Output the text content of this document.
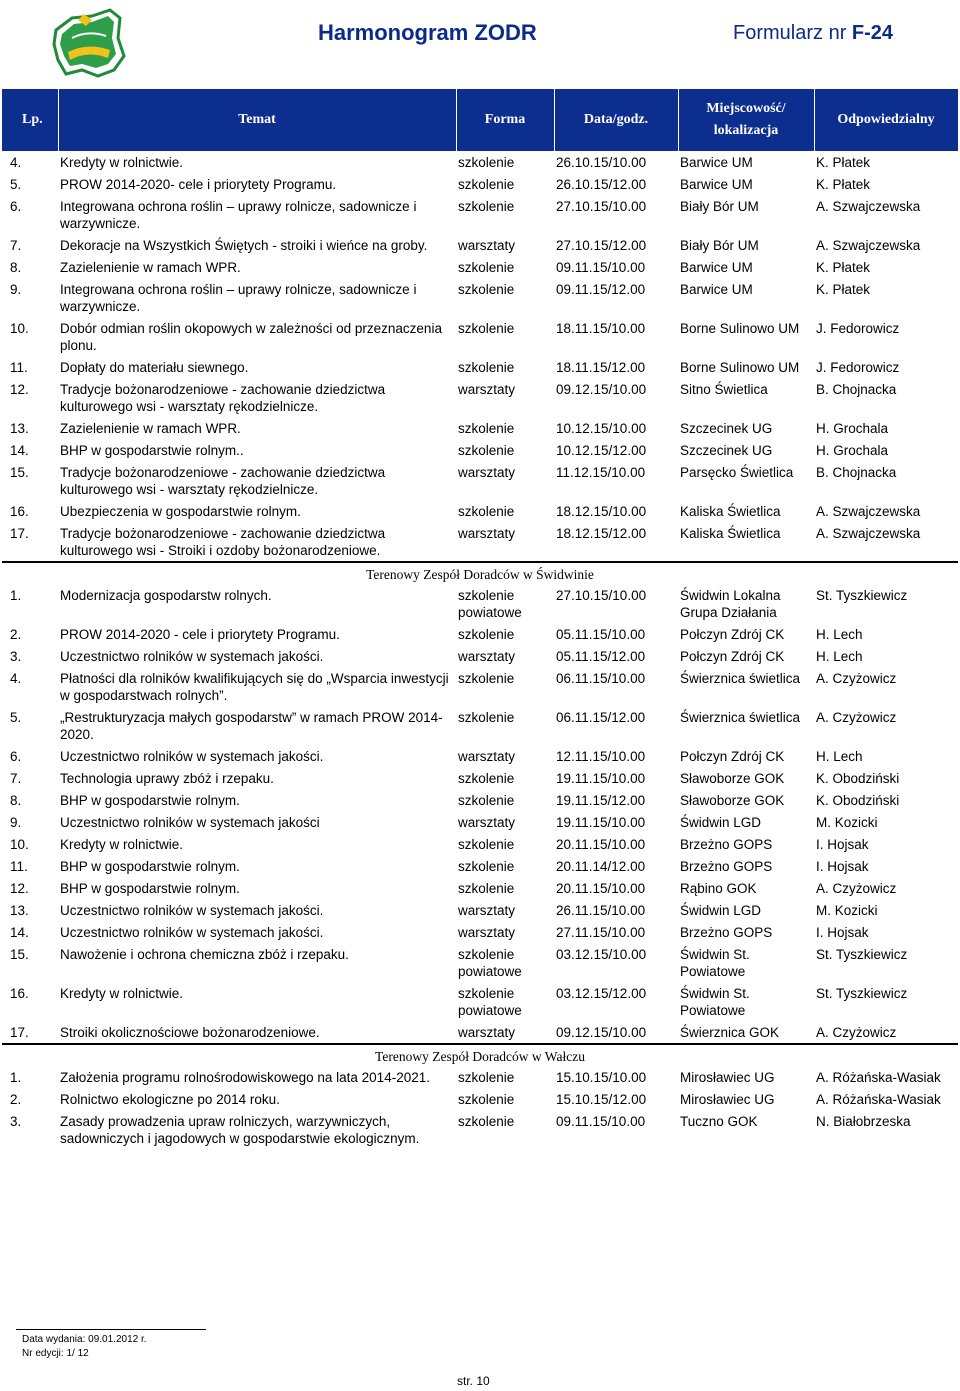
Harmonogram ZODR	Formularz nr F-24
Lp.	Temat	Forma	Data/godz.	Miejscowość/ lokalizacja	Odpowiedzialny
4.	Kredyty w rolnictwie.	szkolenie	26.10.15/10.00	Barwice UM	K. Płatek
5.	PROW 2014-2020- cele i priorytety Programu.	szkolenie	26.10.15/12.00	Barwice UM	K. Płatek
6.	Integrowana ochrona roślin – uprawy rolnicze, sadownicze i warzywnicze.	szkolenie	27.10.15/10.00	Biały Bór UM	A. Szwajczewska
7.	Dekoracje na Wszystkich Świętych - stroiki i wieńce na groby.	warsztaty	27.10.15/12.00	Biały Bór UM	A. Szwajczewska
8.	Zazielenienie w ramach WPR.	szkolenie	09.11.15/10.00	Barwice UM	K. Płatek
9.	Integrowana ochrona roślin – uprawy rolnicze, sadownicze i warzywnicze.	szkolenie	09.11.15/12.00	Barwice UM	K. Płatek
10.	Dobór odmian roślin okopowych w zależności od przeznaczenia plonu.	szkolenie	18.11.15/10.00	Borne Sulinowo UM	J. Fedorowicz
11.	Dopłaty do materiału siewnego.	szkolenie	18.11.15/12.00	Borne Sulinowo UM	J. Fedorowicz
12.	Tradycje bożonarodzeniowe - zachowanie dziedzictwa kulturowego wsi - warsztaty rękodzielnicze.	warsztaty	09.12.15/10.00	Sitno Świetlica	B. Chojnacka
13.	Zazielenienie w ramach WPR.	szkolenie	10.12.15/10.00	Szczecinek UG	H. Grochala
14.	BHP w gospodarstwie rolnym..	szkolenie	10.12.15/12.00	Szczecinek UG	H. Grochala
15.	Tradycje bożonarodzeniowe - zachowanie dziedzictwa kulturowego wsi - warsztaty rękodzielnicze.	warsztaty	11.12.15/10.00	Parsęcko Świetlica	B. Chojnacka
16.	Ubezpieczenia w gospodarstwie rolnym.	szkolenie	18.12.15/10.00	Kaliska Świetlica	A. Szwajczewska
17.	Tradycje bożonarodzeniowe - zachowanie dziedzictwa kulturowego wsi - Stroiki i ozdoby bożonarodzeniowe.	warsztaty	18.12.15/12.00	Kaliska Świetlica	A. Szwajczewska
Terenowy Zespół Doradców w Świdwinie					
1.	Modernizacja gospodarstw rolnych.	szkolenie powiatowe	27.10.15/10.00	Świdwin Lokalna Grupa Działania	St. Tyszkiewicz
2.	PROW 2014-2020 - cele i priorytety Programu.	szkolenie	05.11.15/10.00	Połczyn Zdrój CK	H. Lech
3.	Uczestnictwo rolników w systemach jakości.	warsztaty	05.11.15/12.00	Połczyn Zdrój CK	H. Lech
4.	Płatności dla rolników kwalifikujących się do „Wsparcia inwestycji w gospodarstwach rolnych”.	szkolenie	06.11.15/10.00	Świerznica świetlica	A. Czyżowicz
5.	„Restrukturyzacja małych gospodarstw” w ramach PROW 2014-2020.	szkolenie	06.11.15/12.00	Świerznica świetlica	A. Czyżowicz
6.	Uczestnictwo rolników w systemach jakości.	warsztaty	12.11.15/10.00	Połczyn Zdrój CK	H. Lech
7.	Technologia uprawy zbóż i rzepaku.	szkolenie	19.11.15/10.00	Sławoborze GOK	K. Obodziński
8.	BHP w gospodarstwie rolnym.	szkolenie	19.11.15/12.00	Sławoborze GOK	K. Obodziński
9.	Uczestnictwo rolników w systemach jakości	warsztaty	19.11.15/10.00	Świdwin LGD	M. Kozicki
10.	Kredyty w rolnictwie.	szkolenie	20.11.15/10.00	Brzeżno GOPS	I. Hojsak
11.	BHP w gospodarstwie rolnym.	szkolenie	20.11.14/12.00	Brzeżno GOPS	I. Hojsak
12.	BHP w gospodarstwie rolnym.	szkolenie	20.11.15/10.00	Rąbino GOK	A. Czyżowicz
13.	Uczestnictwo rolników w systemach jakości.	warsztaty	26.11.15/10.00	Świdwin LGD	M. Kozicki
14.	Uczestnictwo rolników w systemach jakości.	warsztaty	27.11.15/10.00	Brzeżno GOPS	I. Hojsak
15.	Nawożenie i ochrona chemiczna zbóż i rzepaku.	szkolenie powiatowe	03.12.15/10.00	Świdwin St. Powiatowe	St. Tyszkiewicz
16.	Kredyty w rolnictwie.	szkolenie powiatowe	03.12.15/12.00	Świdwin St. Powiatowe	St. Tyszkiewicz
17.	Stroiki okolicznościowe bożonarodzeniowe.	warsztaty	09.12.15/10.00	Świerznica GOK	A. Czyżowicz
Terenowy Zespół Doradców w Wałczu					
1.	Założenia programu rolnośrodowiskowego na lata 2014-2021.	szkolenie	15.10.15/10.00	Mirosławiec UG	A. Różańska-Wasiak
2.	Rolnictwo ekologiczne po 2014 roku.	szkolenie	15.10.15/12.00	Mirosławiec UG	A. Różańska-Wasiak
3.	Zasady prowadzenia upraw rolniczych, warzywniczych, sadowniczych i jagodowych w gospodarstwie ekologicznym.	szkolenie	09.11.15/10.00	Tuczno GOK	N. Białobrzeska
Data wydania: 09.01.2012 r.
Nr edycji: 1/ 12
str. 10
